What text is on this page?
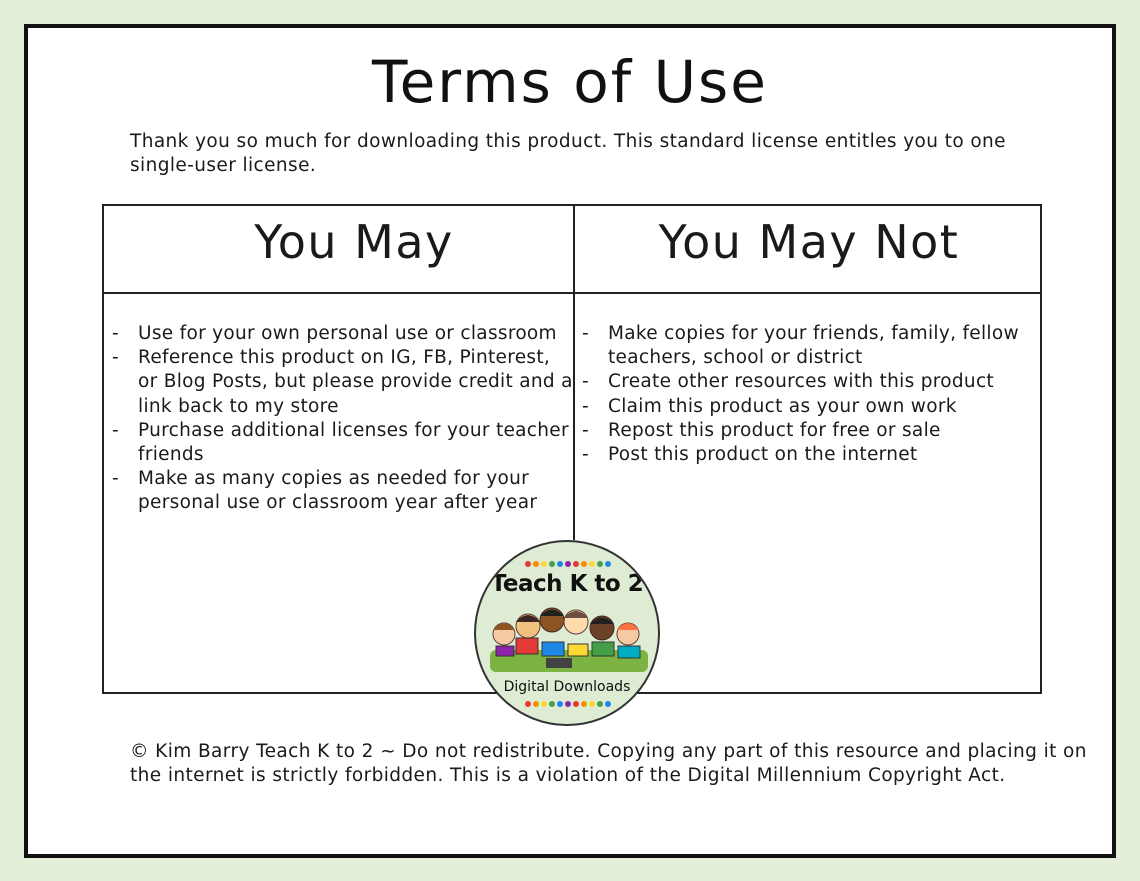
Terms of Use
Thank you so much for downloading this product. This standard license entitles you to one single-user license.
You May	You May Not
- Use for your own personal use or classroom
- Reference this product on IG, FB, Pinterest, or Blog Posts, but please provide credit and a link back to my store
- Purchase additional licenses for your teacher friends
- Make as many copies as needed for your personal use or classroom year after year
- Make copies for your friends, family, fellow teachers, school or district
- Create other resources with this product
- Claim this product as your own work
- Repost this product for free or sale
- Post this product on the internet
Teach K to 2
Digital Downloads
© Kim Barry Teach K to 2 ~ Do not redistribute. Copying any part of this resource and placing it on the internet is strictly forbidden. This is a violation of the Digital Millennium Copyright Act.
